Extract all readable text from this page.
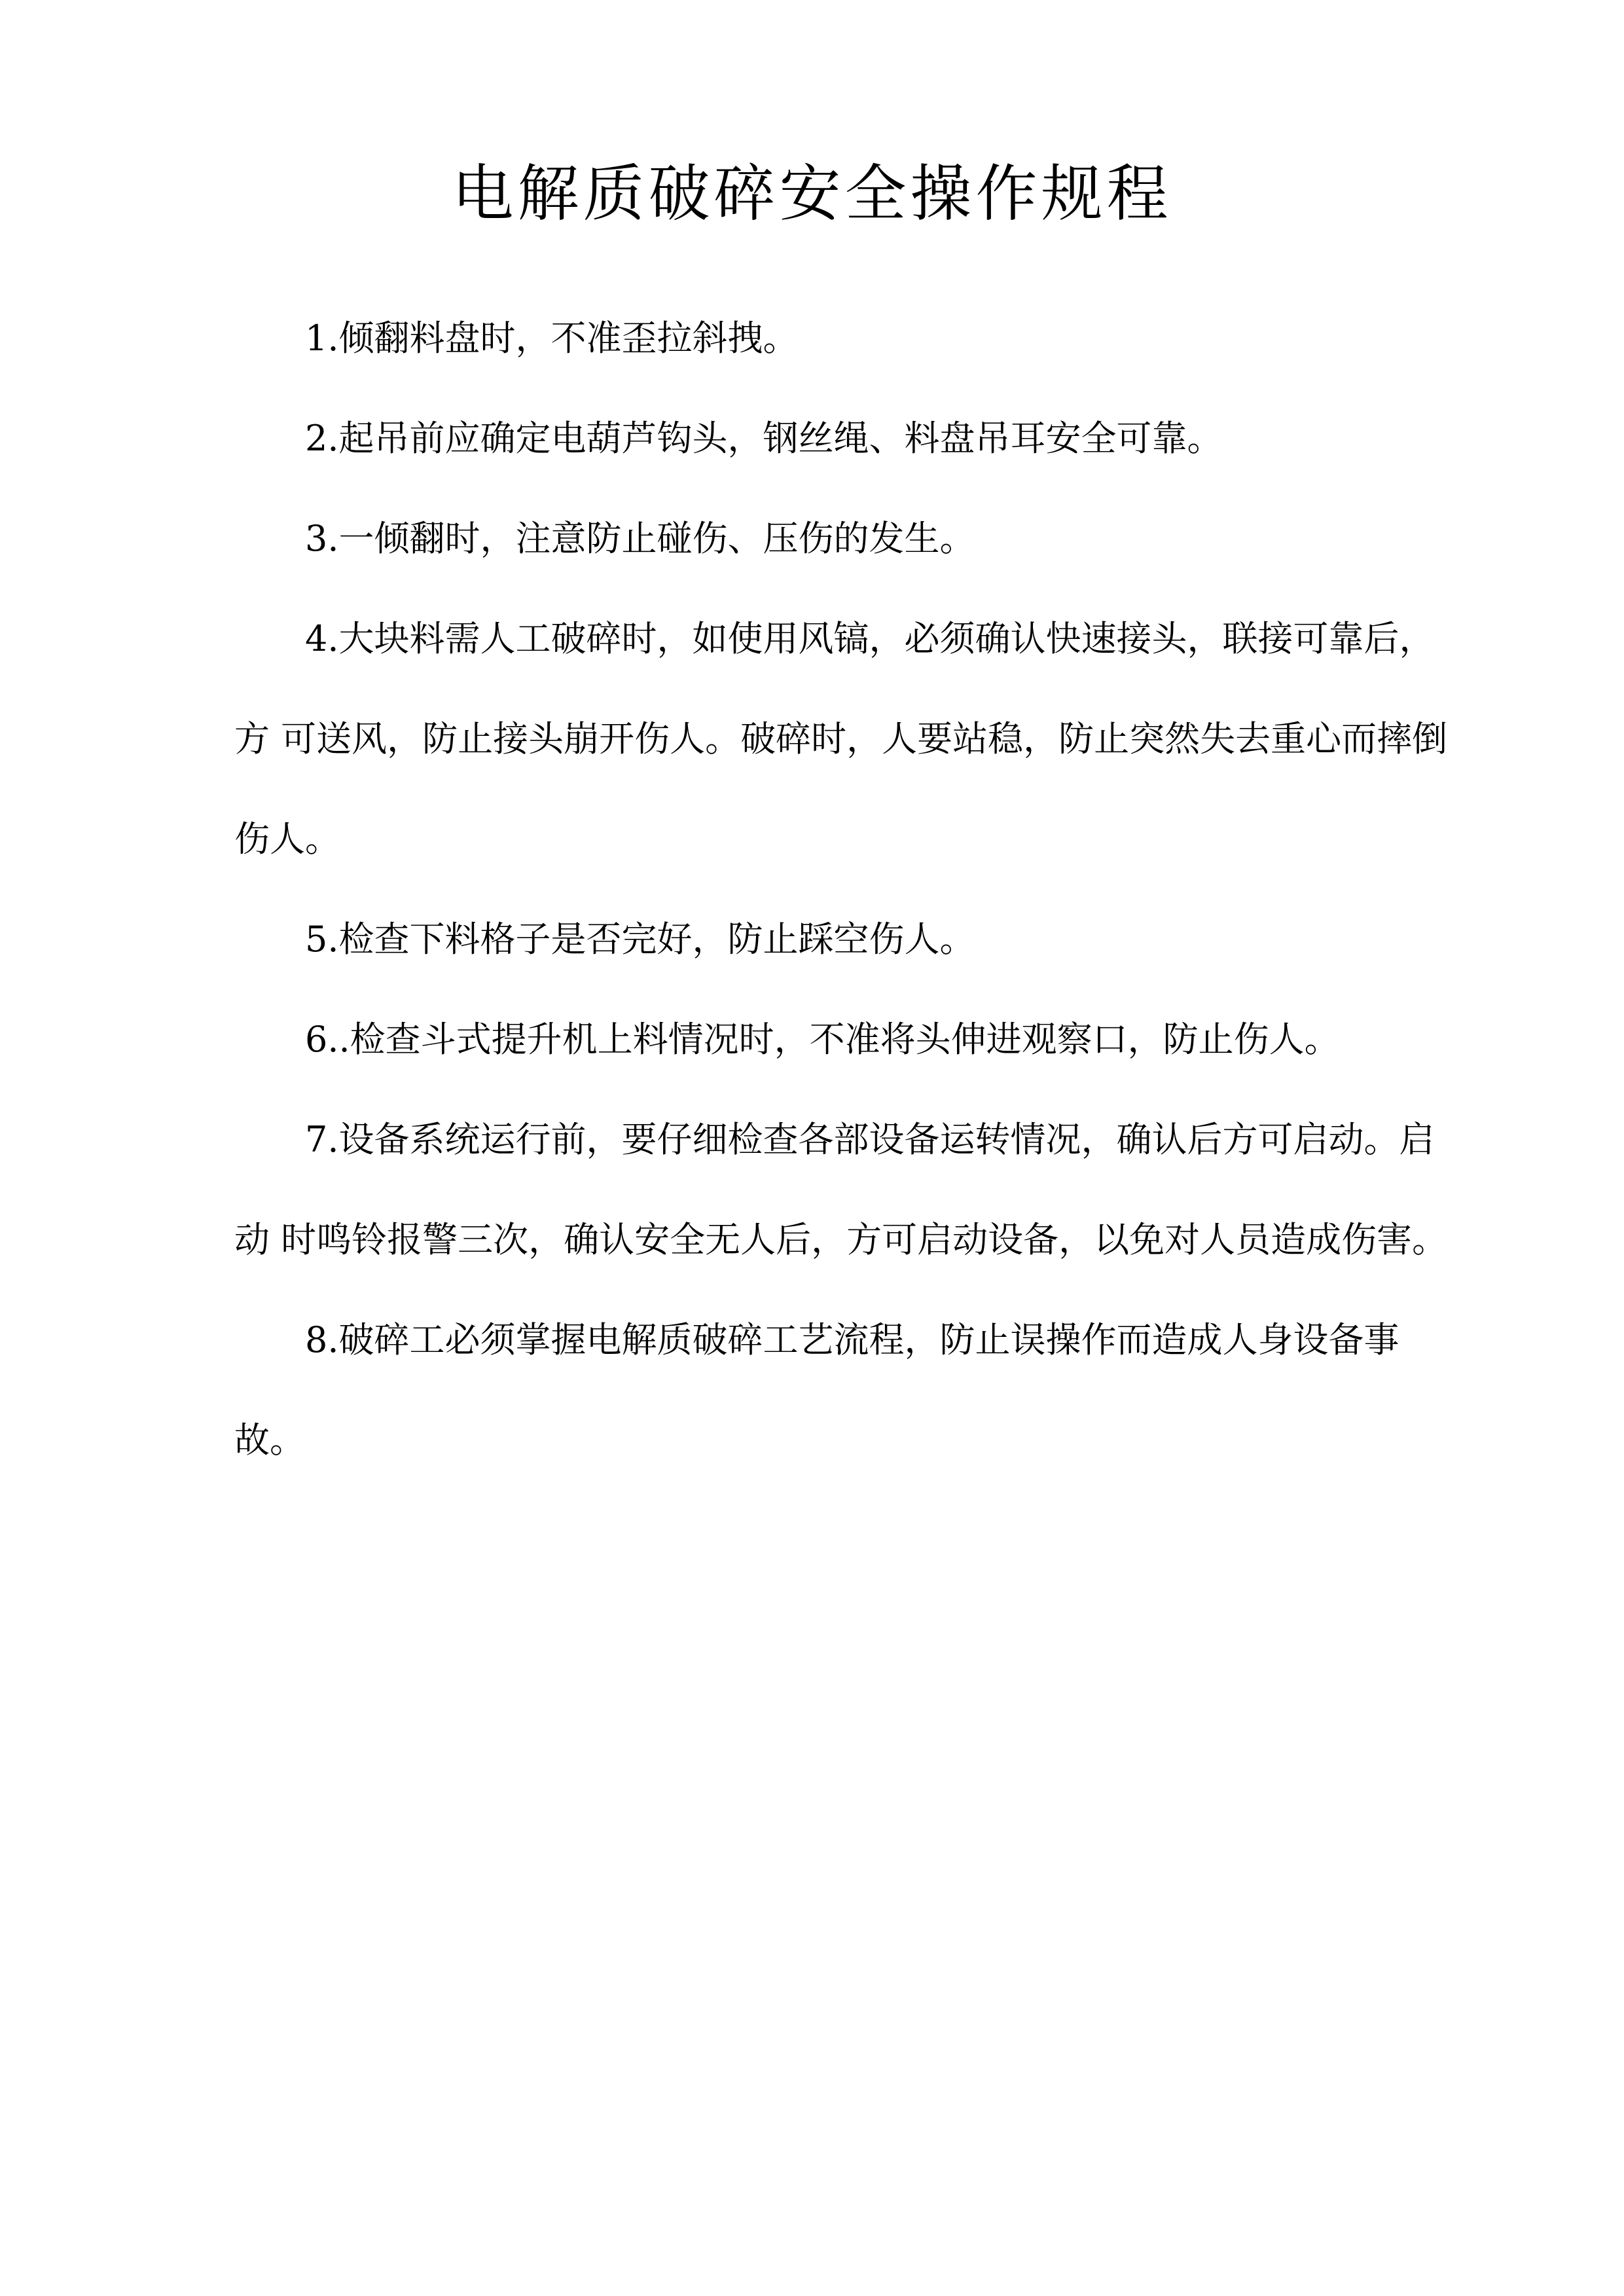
电解质破碎安全操作规程

1.倾翻料盘时，不准歪拉斜拽。

2.起吊前应确定电葫芦钩头，钢丝绳、料盘吊耳安全可靠。

3.一倾翻时，注意防止碰伤、压伤的发生。

4.大块料需人工破碎时，如使用风镐，必须确认快速接头，联接可靠后，方 可送风，防止接头崩开伤人。破碎时，人要站稳，防止突然失去重心而摔倒伤人。

5.检查下料格子是否完好，防止踩空伤人。

6..检查斗式提升机上料情况时，不准将头伸进观察口，防止伤人。

7.设备系统运行前，要仔细检查各部设备运转情况，确认后方可启动。启动 时鸣铃报警三次，确认安全无人后，方可启动设备，以免对人员造成伤害。

8.破碎工必须掌握电解质破碎工艺流程，防止误操作而造成人身设备事故。
